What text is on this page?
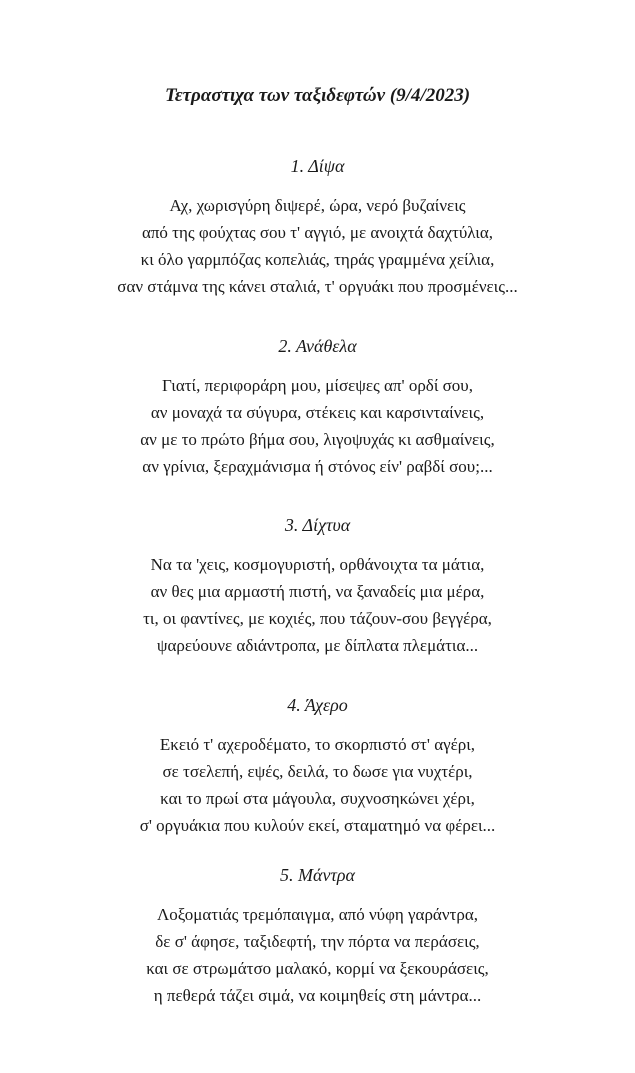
Τετραστιχα των ταξιδεφτών (9/4/2023)
1. Δίψα

Αχ, χωρισγύρη διψερέ, ώρα, νερό βυζαίνεις

από της φούχτας σου τ' αγγιό, με ανοιχτά δαχτύλια,

κι όλο γαρμπόζας κοπελιάς, τηράς γραμμένα χείλια,

σαν στάμνα της κάνει σταλιά, τ' οργυάκι που προσμένεις...

2. Ανάθελα

Γιατί, περιφοράρη μου, μίσεψες απ' ορδί σου,

αν μοναχά τα σύγυρα, στέκεις και καρσινταίνεις,

αν με το πρώτο βήμα σου, λιγοψυχάς κι ασθμαίνεις,

αν γρίνια, ξεραχμάνισμα ή στόνος είν' ραβδί σου;...

3. Δίχτυα

Να τα 'χεις, κοσμογυριστή, ορθάνοιχτα τα μάτια,

αν θες μια αρμαστή πιστή, να ξαναδείς μια μέρα,

τι, οι φαντίνες, με κοχιές, που τάζουν-σου βεγγέρα,

ψαρεύουνε αδιάντροπα, με δίπλατα πλεμάτια...

4. Άχερο

Εκειό τ' αχεροδέματο, το σκορπιστό στ' αγέρι,

σε τσελεπή, εψές, δειλά, το δωσε για νυχτέρι,

και το πρωί στα μάγουλα, συχνοσηκώνει χέρι,

σ' οργυάκια που κυλούν εκεί, σταματημό να φέρει...

5. Μάντρα

Λοξοματιάς τρεμόπαιγμα, από νύφη γαράντρα,

δε σ' άφησε, ταξιδεφτή, την πόρτα να περάσεις,

και σε στρωμάτσο μαλακό, κορμί να ξεκουράσεις,

η πεθερά τάζει σιμά, να κοιμηθείς στη μάντρα...
